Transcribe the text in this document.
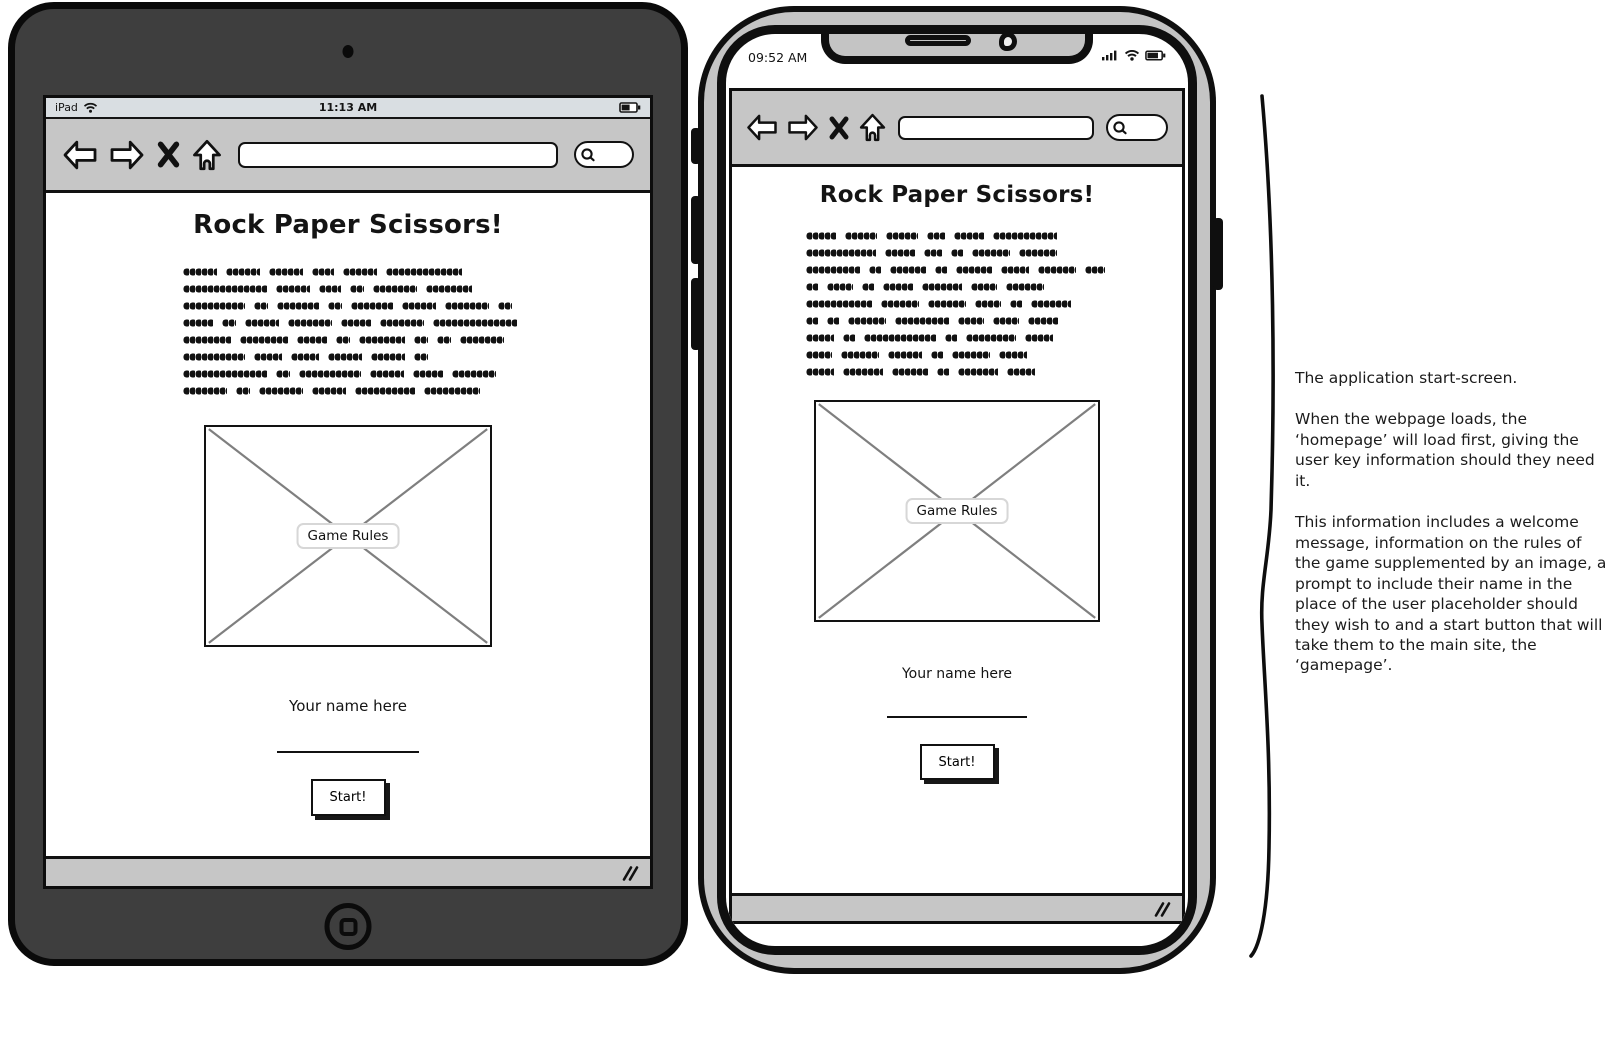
iPad	11:13 AM
Rock Paper Scissors!
Game Rules
Your name here
Start!
09:52 AM
Rock Paper Scissors!
Game Rules
Your name here
Start!

The application start-screen.

When the webpage loads, the ‘homepage’ will load first, giving the user key information should they need it.

This information includes a welcome message, information on the rules of the game supplemented by an image, a prompt to include their name in the place of the user placeholder should they wish to and a start button that will take them to the main site, the ‘gamepage’.
